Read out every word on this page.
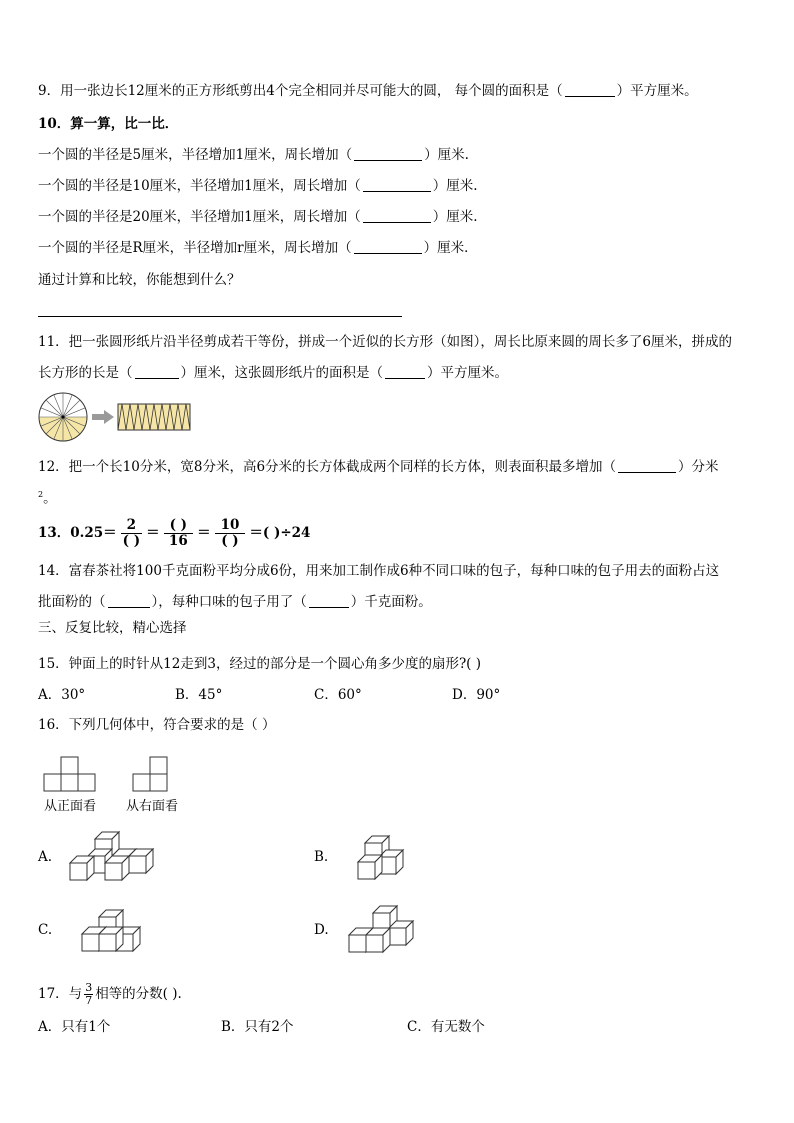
9．用一张边长12厘米的正方形纸剪出4个完全相同并尽可能大的圆， 每个圆的面积是（	）平方厘米。
10．算一算，比一比．
一个圆的半径是5厘米，半径增加1厘米，周长增加（	）厘米.
一个圆的半径是10厘米，半径增加1厘米，周长增加（	）厘米.
一个圆的半径是20厘米，半径增加1厘米，周长增加（	）厘米.
一个圆的半径是R厘米，半径增加r厘米，周长增加（	）厘米．
通过计算和比较，你能想到什么？
11．把一张圆形纸片沿半径剪成若干等份，拼成一个近似的长方形（如图），周长比原来圆的周长多了6厘米，拼成的
长方形的长是（	）厘米，这张圆形纸片的面积是（	）平方厘米。
12．把一个长10分米，宽8分米，高6分米的长方体截成两个同样的长方体，则表面积最多增加（	）分米
$^2$。
13．$0.25= \frac{2}{( )} = \frac{( )}{16} = \frac{10}{( )}$ ＝( )÷24
14．富春茶社将100千克面粉平均分成6份，用来加工制作成6种不同口味的包子，每种口味的包子用去的面粉占这
批面粉的（	），每种口味的包子用了（	）千克面粉。
三、反复比较，精心选择
15．钟面上的时针从12走到3，经过的部分是一个圆心角多少度的扇形?( )
A．30°	B．45°	C．60°	D．90°
16．下列几何体中，符合要求的是（ ）
从正面看 从右面看
A.	B.
C.	D.
17．与 $\frac{3}{7}$ 相等的分数( ).
A．只有1个	B．只有2个	C．有无数个
